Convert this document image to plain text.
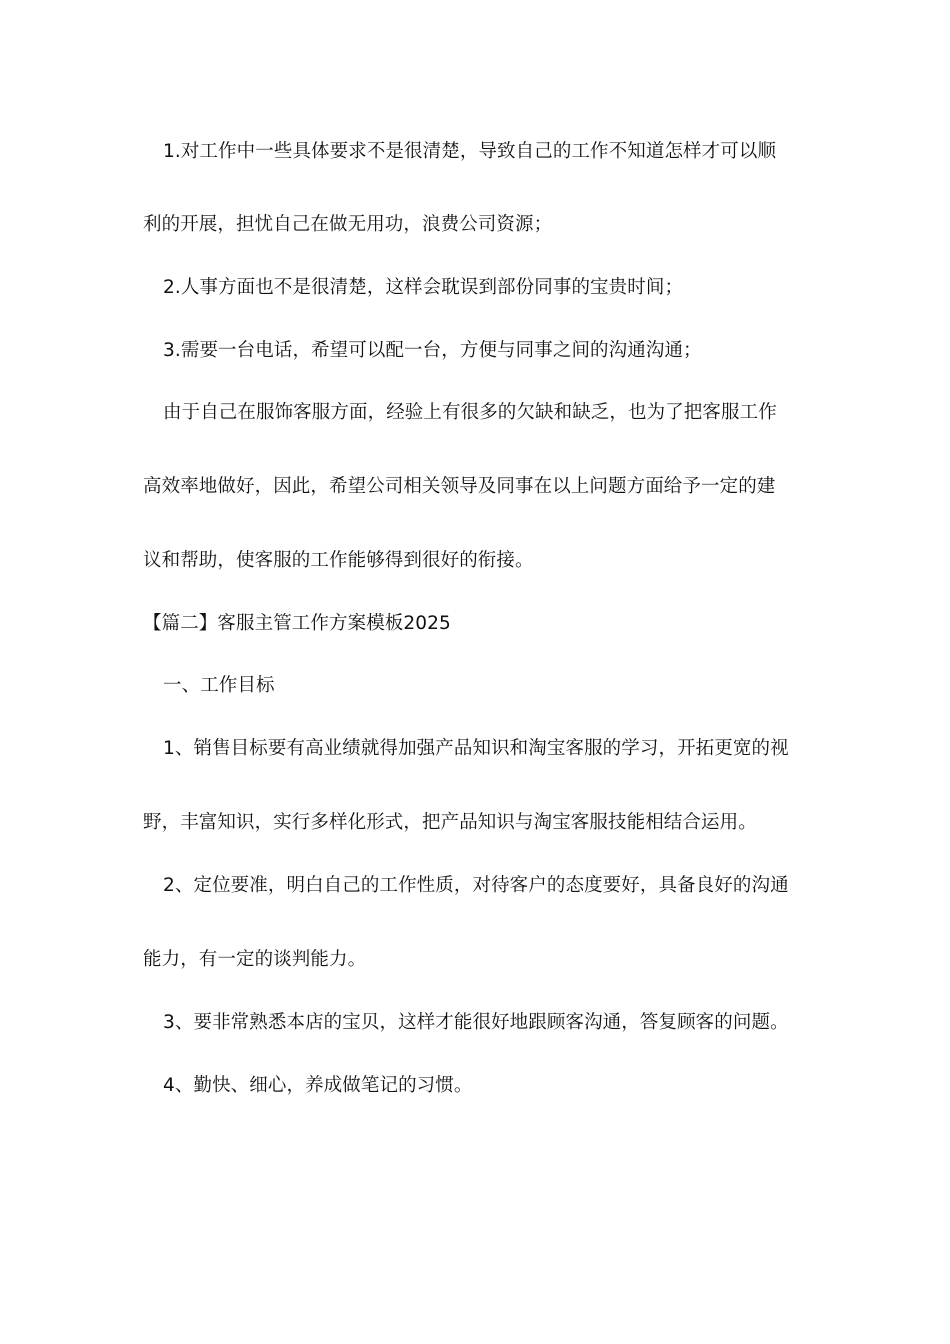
1.对工作中一些具体要求不是很清楚，导致自己的工作不知道怎样才可以顺
利的开展，担忧自己在做无用功，浪费公司资源；
2.人事方面也不是很清楚，这样会耽误到部份同事的宝贵时间；
3.需要一台电话，希望可以配一台，方便与同事之间的沟通沟通；
由于自己在服饰客服方面，经验上有很多的欠缺和缺乏，也为了把客服工作
高效率地做好，因此，希望公司相关领导及同事在以上问题方面给予一定的建
议和帮助，使客服的工作能够得到很好的衔接。
【篇二】客服主管工作方案模板2025
一、工作目标
1、销售目标要有高业绩就得加强产品知识和淘宝客服的学习，开拓更宽的视
野，丰富知识，实行多样化形式，把产品知识与淘宝客服技能相结合运用。
2、定位要准，明白自己的工作性质，对待客户的态度要好，具备良好的沟通
能力，有一定的谈判能力。
3、要非常熟悉本店的宝贝，这样才能很好地跟顾客沟通，答复顾客的问题。
4、勤快、细心，养成做笔记的习惯。
